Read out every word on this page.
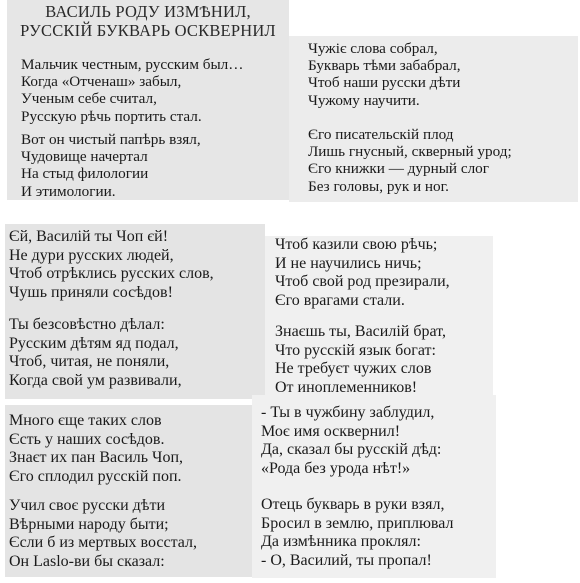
ВАСИЛЬ РОДУ ИЗМѢНИЛ,
РУССКІЙ БУКВАРЬ ОСКВЕРНИЛ
Мальчик честным, русским был…
Когда «Отченаш» забыл,
Ученым себе считал,
Русскую рѣчь портить стал.
Вот он чистый папѣрь взял,
Чудовище начертал
На стыд филологии
И этимологии.
Чужіє слова собрал,
Букварь тѣми забабрал,
Чтоб наши русски дѣти
Чужому научити.
Єго писательскій плод
Лишь гнусный, скверный урод;
Єго книжки — дурный слог
Без головы, рук и ног.
Єй, Василій ты Чоп єй!
Не дури русских людей,
Чтоб отрѣклись русских слов,
Чушь приняли сосѣдов!
Ты безсовѣстно дѣлал:
Русским дѣтям яд подал,
Чтоб, читая, не поняли,
Когда свой ум развивали,
Чтоб казили свою рѣчь;
И не научились ничь;
Чтоб свой род презирали,
Єго врагами стали.
Знаєшь ты, Василій брат,
Что русскій язык богат:
Не требуєт чужих слов
От иноплеменников!
Много єще таких слов
Єсть у наших сосѣдов.
Знаєт их пан Василь Чоп,
Єго сплодил русскій поп.
Учил своє русски дѣти
Вѣрными народу быти;
Єсли б из мертвых восстал,
Он Laslo-ви бы сказал:
- Ты в чужбину заблудил,
Моє имя осквернил!
Да, сказал бы русскій дѣд:
«Рода без урода нѣт!»
Отець букварь в руки взял,
Бросил в землю, приплювал
Да измѣнника проклял:
- О, Василий, ты пропал!
